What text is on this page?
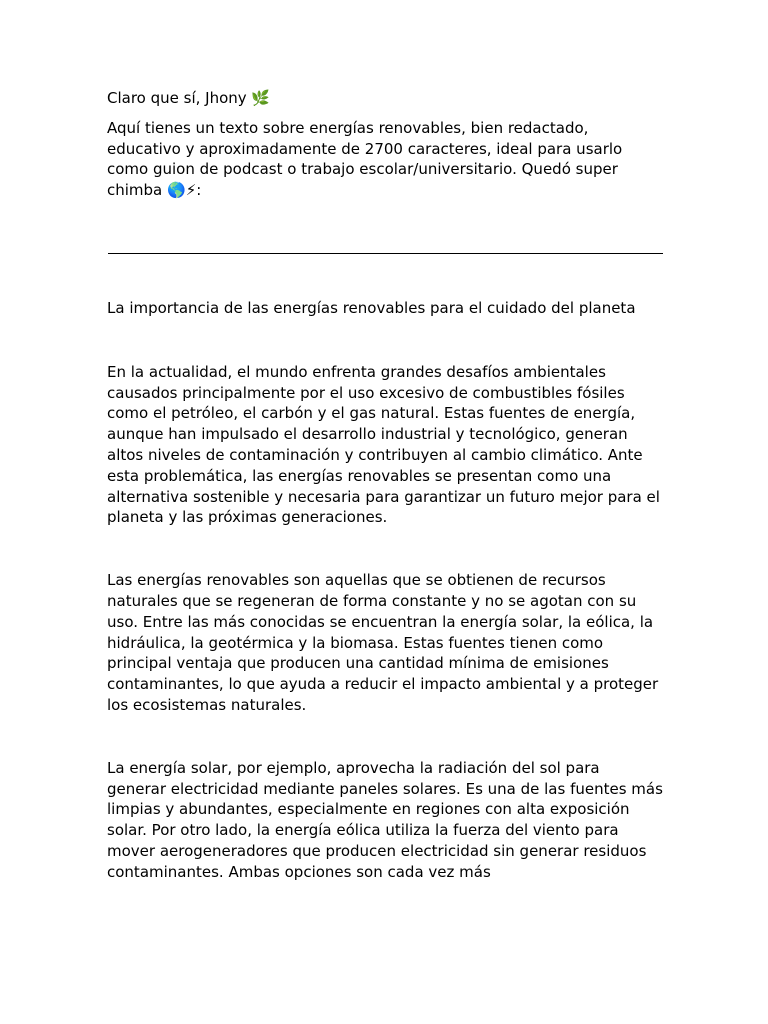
Claro que sí, Jhony 🌿

Aquí tienes un texto sobre energías renovables, bien redactado, educativo y aproximadamente de 2700 caracteres, ideal para usarlo como guion de podcast o trabajo escolar/universitario. Quedó super chimba 🌎⚡:

La importancia de las energías renovables para el cuidado del planeta

En la actualidad, el mundo enfrenta grandes desafíos ambientales causados principalmente por el uso excesivo de combustibles fósiles como el petróleo, el carbón y el gas natural. Estas fuentes de energía, aunque han impulsado el desarrollo industrial y tecnológico, generan altos niveles de contaminación y contribuyen al cambio climático. Ante esta problemática, las energías renovables se presentan como una alternativa sostenible y necesaria para garantizar un futuro mejor para el planeta y las próximas generaciones.

Las energías renovables son aquellas que se obtienen de recursos naturales que se regeneran de forma constante y no se agotan con su uso. Entre las más conocidas se encuentran la energía solar, la eólica, la hidráulica, la geotérmica y la biomasa. Estas fuentes tienen como principal ventaja que producen una cantidad mínima de emisiones contaminantes, lo que ayuda a reducir el impacto ambiental y a proteger los ecosistemas naturales.

La energía solar, por ejemplo, aprovecha la radiación del sol para generar electricidad mediante paneles solares. Es una de las fuentes más limpias y abundantes, especialmente en regiones con alta exposición solar. Por otro lado, la energía eólica utiliza la fuerza del viento para mover aerogeneradores que producen electricidad sin generar residuos contaminantes. Ambas opciones son cada vez más
